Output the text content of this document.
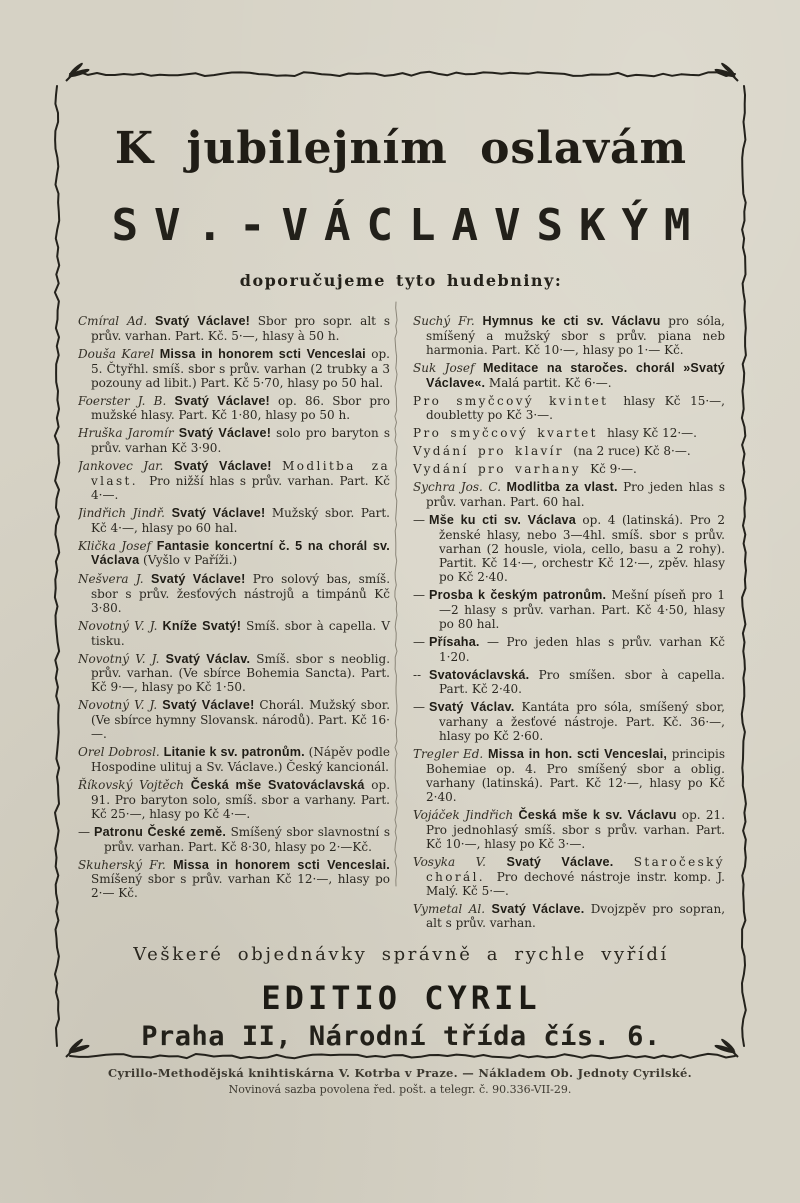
K jubilejním oslavám
SV.-VÁCLAVSKÝM
doporučujeme tyto hudebniny:

Cmíral Ad. Svatý Václave! Sbor pro sopr. alt s prův. varhan. Part. Kč. 5·—, hlasy à 50 h.

Douša Karel Missa in honorem scti Venceslai op. 5. Čtyřhl. smíš. sbor s prův. varhan (2 trubky a 3 pozouny ad libit.) Part. Kč 5·70, hlasy po 50 hal.

Foerster J. B. Svatý Václave! op. 86. Sbor pro mužské hlasy. Part. Kč 1·80, hlasy po 50 h.

Hruška Jaromír Svatý Václave! solo pro baryton s prův. varhan Kč 3·90.

Jankovec Jar. Svatý Václave! Modlitba za vlast. Pro nižší hlas s prův. varhan. Part. Kč 4·—.

Jindřich Jindř. Svatý Václave! Mužský sbor. Part. Kč 4·—, hlasy po 60 hal.

Klička Josef Fantasie koncertní č. 5 na chorál sv. Václava (Vyšlo v Paříži.)

Nešvera J. Svatý Václave! Pro solový bas, smíš. sbor s prův. žesťových nástrojů a timpánů Kč 3·80.

Novotný V. J. Kníže Svatý! Smíš. sbor à capella. V tisku.

Novotný V. J. Svatý Václav. Smíš. sbor s neoblig. prův. varhan. (Ve sbírce Bohemia Sancta). Part. Kč 9·—, hlasy po Kč 1·50.

Novotný V. J. Svatý Václave! Chorál. Mužský sbor. (Ve sbírce hymny Slovansk. národů). Part. Kč 16·—.

Orel Dobrosl. Litanie k sv. patronům. (Nápěv podle Hospodine ulituj a Sv. Václave.) Český kancionál.

Říkovský Vojtěch Česká mše Svatováclavská op. 91. Pro baryton solo, smíš. sbor a varhany. Part. Kč 25·—, hlasy po Kč 4·—.

—Patronu České země. Smíšený sbor slavnostní s prův. varhan. Part. Kč 8·30, hlasy po 2·—Kč.

Skuherský Fr. Missa in honorem scti Venceslai. Smíšený sbor s prův. varhan Kč 12·—, hlasy po 2·— Kč.

Suchý Fr. Hymnus ke cti sv. Václavu pro sóla, smíšený a mužský sbor s prův. piana neb harmonia. Part. Kč 10·—, hlasy po 1·— Kč.

Suk Josef Meditace na staročes. chorál »Svatý Václave«. Malá partit. Kč 6·—.

Pro smyčcový kvintet hlasy Kč 15·—, doubletty po Kč 3·—.

Pro smyčcový kvartet hlasy Kč 12·—.

Vydání pro klavír (na 2 ruce) Kč 8·—.

Vydání pro varhany Kč 9·—.

Sychra Jos. C. Modlitba za vlast. Pro jeden hlas s prův. varhan. Part. 60 hal.

—Mše ku cti sv. Václava op. 4 (latinská). Pro 2 ženské hlasy, nebo 3—4hl. smíš. sbor s prův. varhan (2 housle, viola, cello, basu a 2 rohy). Partit. Kč 14·—, orchestr Kč 12·—, zpěv. hlasy po Kč 2·40.

—Prosba k českým patronům. Mešní píseň pro 1—2 hlasy s prův. varhan. Part. Kč 4·50, hlasy po 80 hal.

—Přísaha. — Pro jeden hlas s prův. varhan Kč 1·20.

--Svatováclavská. Pro smíšen. sbor à capella. Part. Kč 2·40.

—Svatý Václav. Kantáta pro sóla, smíšený sbor, varhany a žesťové nástroje. Part. Kč. 36·—, hlasy po Kč 2·60.

Tregler Ed. Missa in hon. scti Venceslai, principis Bohemiae op. 4. Pro smíšený sbor a oblig. varhany (latinská). Part. Kč 12·—, hlasy po Kč 2·40.

Vojáček Jindřich Česká mše k sv. Václavu op. 21. Pro jednohlasý smíš. sbor s prův. varhan. Part. Kč 10·—, hlasy po Kč 3·—.

Vosyka V. Svatý Václave. Staročeský chorál. Pro dechové nástroje instr. komp. J. Malý. Kč 5·—.

Vymetal Al. Svatý Václave. Dvojzpěv pro sopran, alt s prův. varhan.

Veškeré objednávky správně a rychle vyřídí
EDITIO CYRIL
Praha II, Národní třída čís. 6.
Cyrillo-Methodějská knihtiskárna V. Kotrba v Praze. — Nákladem Ob. Jednoty Cyrilské.
Novinová sazba povolena řed. pošt. a telegr. č. 90.336-VII-29.
